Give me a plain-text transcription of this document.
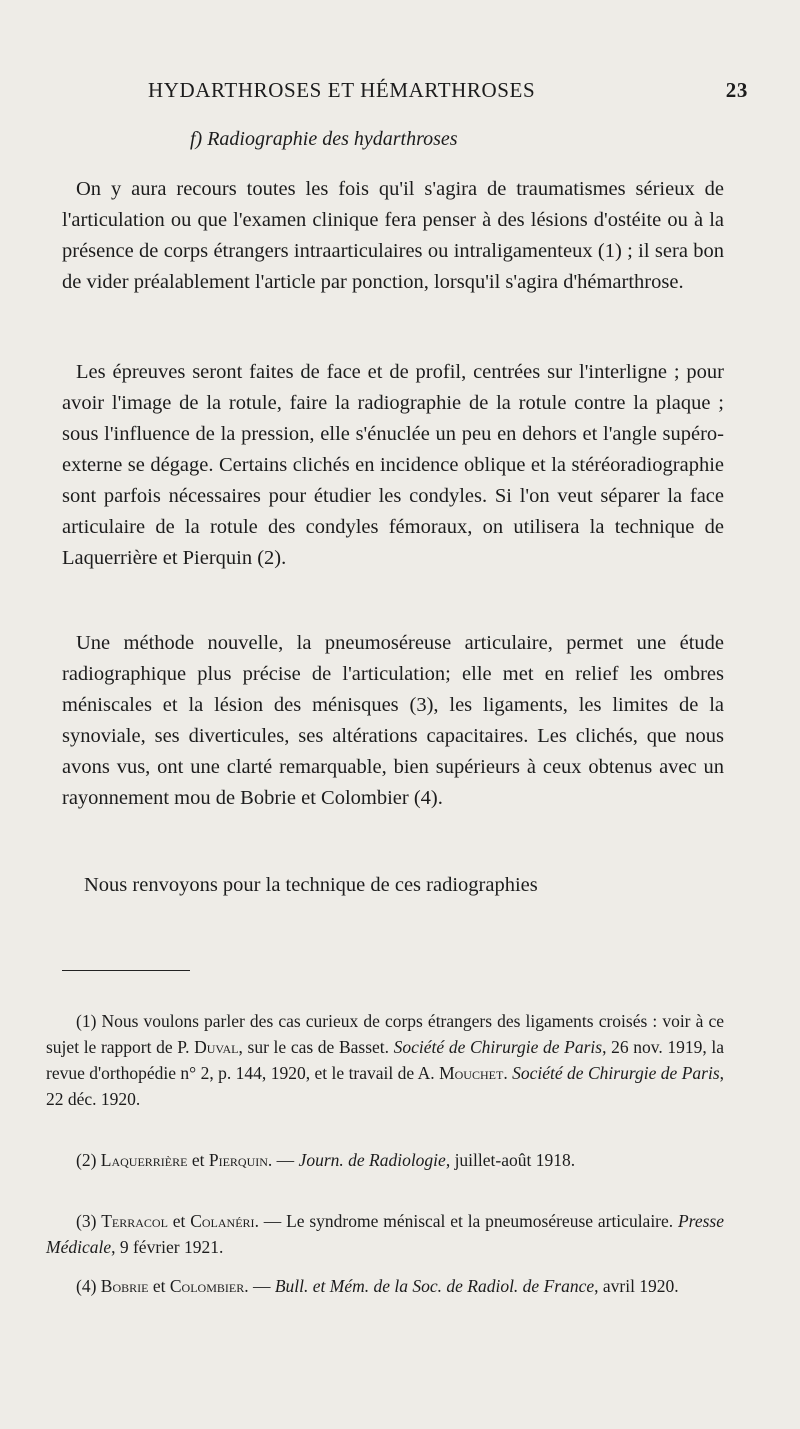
HYDARTHROSES ET HÉMARTHROSES	23
f) Radiographie des hydarthroses

On y aura recours toutes les fois qu'il s'agira de traumatismes sérieux de l'articulation ou que l'examen clinique fera penser à des lésions d'ostéite ou à la présence de corps étrangers intraarticulaires ou intraligamenteux (1) ; il sera bon de vider préalablement l'article par ponction, lorsqu'il s'agira d'hémarthrose.

Les épreuves seront faites de face et de profil, centrées sur l'interligne ; pour avoir l'image de la rotule, faire la radiographie de la rotule contre la plaque ; sous l'influence de la pression, elle s'énuclée un peu en dehors et l'angle supéro-externe se dégage. Certains clichés en incidence oblique et la stéréoradiographie sont parfois nécessaires pour étudier les condyles. Si l'on veut séparer la face articulaire de la rotule des condyles fémoraux, on utilisera la technique de Laquerrière et Pierquin (2).

Une méthode nouvelle, la pneumoséreuse articulaire, permet une étude radiographique plus précise de l'articulation; elle met en relief les ombres méniscales et la lésion des ménisques (3), les ligaments, les limites de la synoviale, ses diverticules, ses altérations capacitaires. Les clichés, que nous avons vus, ont une clarté remarquable, bien supérieurs à ceux obtenus avec un rayonnement mou de Bobrie et Colombier (4).

Nous renvoyons pour la technique de ces radiographies

(1) Nous voulons parler des cas curieux de corps étrangers des ligaments croisés : voir à ce sujet le rapport de P. Duval, sur le cas de Basset. Société de Chirurgie de Paris, 26 nov. 1919, la revue d'orthopédie n° 2, p. 144, 1920, et le travail de A. Mouchet. Société de Chirurgie de Paris, 22 déc. 1920.

(2) Laquerrière et Pierquin. — Journ. de Radiologie, juillet-août 1918.

(3) Terracol et Colanéri. — Le syndrome méniscal et la pneumoséreuse articulaire. Presse Médicale, 9 février 1921.

(4) Bobrie et Colombier. — Bull. et Mém. de la Soc. de Radiol. de France, avril 1920.
